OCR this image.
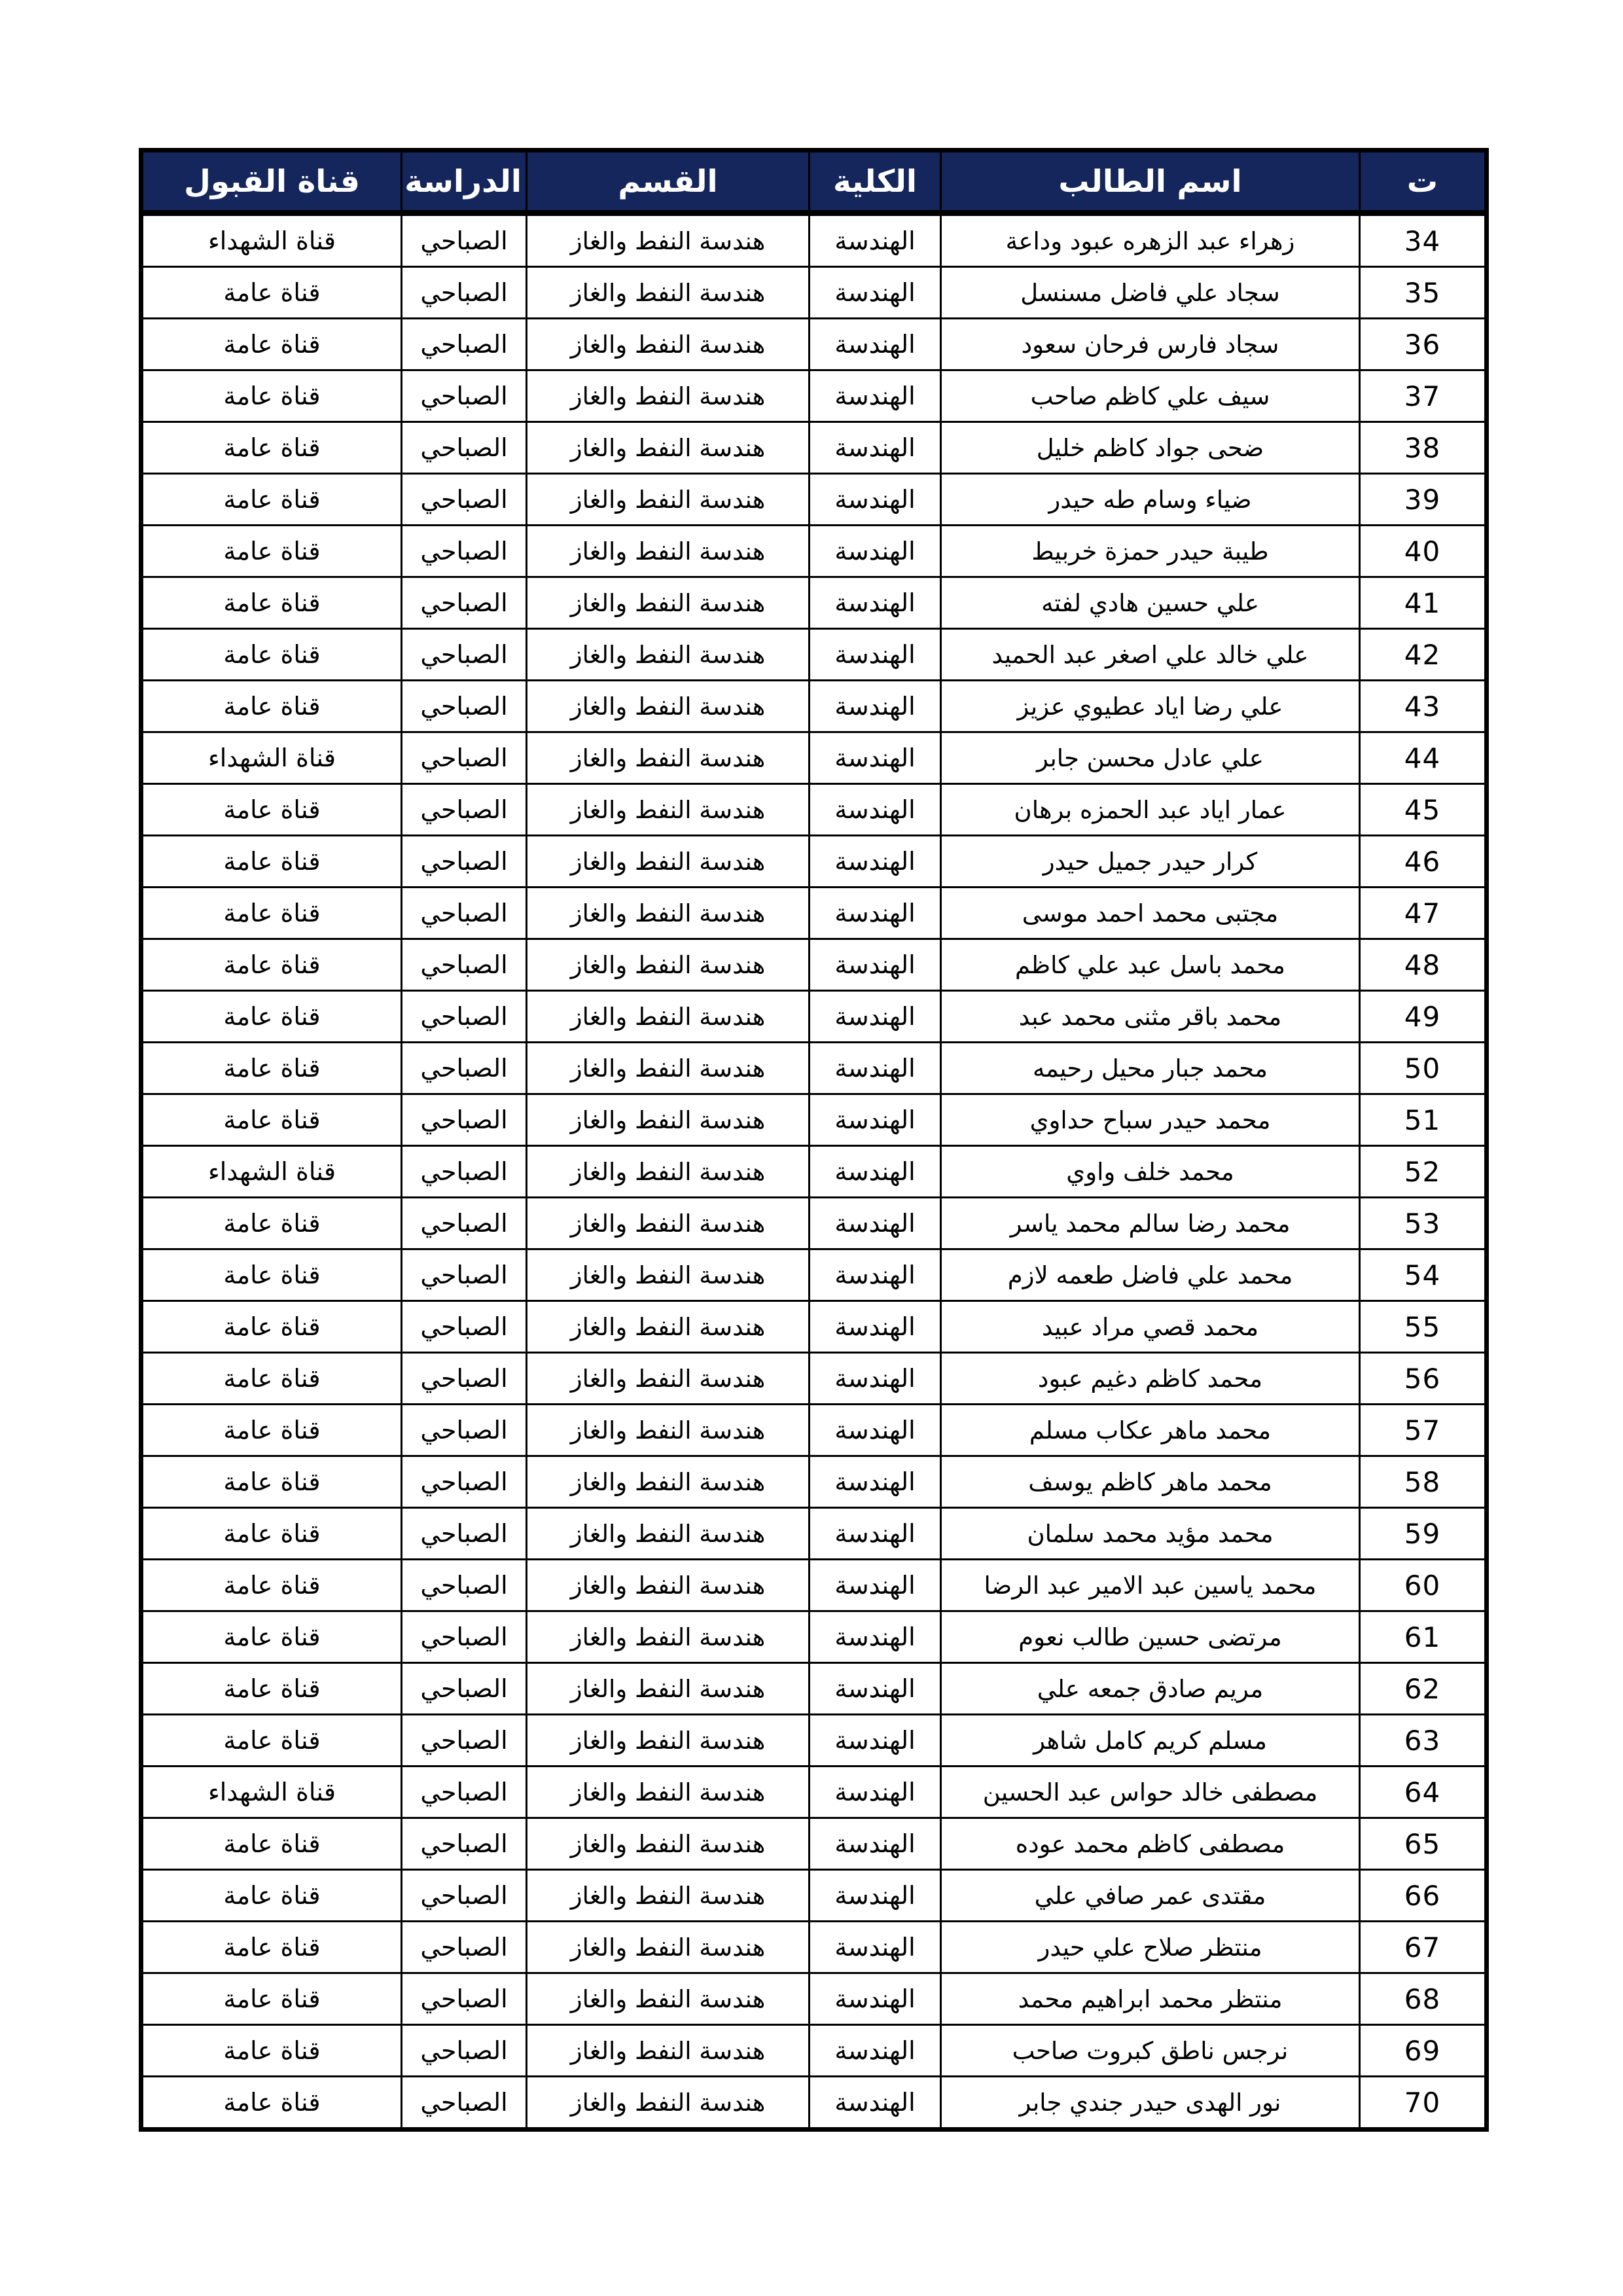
ت	اسم الطالب	الكلية	القسم	الدراسة	قناة القبول
34	زهراء عبد الزهره عبود وداعة	الهندسة	هندسة النفط والغاز	الصباحي	قناة الشهداء
35	سجاد علي فاضل مسنسل	الهندسة	هندسة النفط والغاز	الصباحي	قناة عامة
36	سجاد فارس فرحان سعود	الهندسة	هندسة النفط والغاز	الصباحي	قناة عامة
37	سيف علي كاظم صاحب	الهندسة	هندسة النفط والغاز	الصباحي	قناة عامة
38	ضحى جواد كاظم خليل	الهندسة	هندسة النفط والغاز	الصباحي	قناة عامة
39	ضياء وسام طه حيدر	الهندسة	هندسة النفط والغاز	الصباحي	قناة عامة
40	طيبة حيدر حمزة خربيط	الهندسة	هندسة النفط والغاز	الصباحي	قناة عامة
41	علي حسين هادي لفته	الهندسة	هندسة النفط والغاز	الصباحي	قناة عامة
42	علي خالد علي اصغر عبد الحميد	الهندسة	هندسة النفط والغاز	الصباحي	قناة عامة
43	علي رضا اياد عطيوي عزيز	الهندسة	هندسة النفط والغاز	الصباحي	قناة عامة
44	علي عادل محسن جابر	الهندسة	هندسة النفط والغاز	الصباحي	قناة الشهداء
45	عمار اياد عبد الحمزه برهان	الهندسة	هندسة النفط والغاز	الصباحي	قناة عامة
46	كرار حيدر جميل حيدر	الهندسة	هندسة النفط والغاز	الصباحي	قناة عامة
47	مجتبى محمد احمد موسى	الهندسة	هندسة النفط والغاز	الصباحي	قناة عامة
48	محمد باسل عبد علي كاظم	الهندسة	هندسة النفط والغاز	الصباحي	قناة عامة
49	محمد باقر مثنى محمد عبد	الهندسة	هندسة النفط والغاز	الصباحي	قناة عامة
50	محمد جبار محيل رحيمه	الهندسة	هندسة النفط والغاز	الصباحي	قناة عامة
51	محمد حيدر سباح حداوي	الهندسة	هندسة النفط والغاز	الصباحي	قناة عامة
52	محمد خلف واوي	الهندسة	هندسة النفط والغاز	الصباحي	قناة الشهداء
53	محمد رضا سالم محمد ياسر	الهندسة	هندسة النفط والغاز	الصباحي	قناة عامة
54	محمد علي فاضل طعمه لازم	الهندسة	هندسة النفط والغاز	الصباحي	قناة عامة
55	محمد قصي مراد عبيد	الهندسة	هندسة النفط والغاز	الصباحي	قناة عامة
56	محمد كاظم دغيم عبود	الهندسة	هندسة النفط والغاز	الصباحي	قناة عامة
57	محمد ماهر عكاب مسلم	الهندسة	هندسة النفط والغاز	الصباحي	قناة عامة
58	محمد ماهر كاظم يوسف	الهندسة	هندسة النفط والغاز	الصباحي	قناة عامة
59	محمد مؤيد محمد سلمان	الهندسة	هندسة النفط والغاز	الصباحي	قناة عامة
60	محمد ياسين عبد الامير عبد الرضا	الهندسة	هندسة النفط والغاز	الصباحي	قناة عامة
61	مرتضى حسين طالب نعوم	الهندسة	هندسة النفط والغاز	الصباحي	قناة عامة
62	مريم صادق جمعه علي	الهندسة	هندسة النفط والغاز	الصباحي	قناة عامة
63	مسلم كريم كامل شاهر	الهندسة	هندسة النفط والغاز	الصباحي	قناة عامة
64	مصطفى خالد حواس عبد الحسين	الهندسة	هندسة النفط والغاز	الصباحي	قناة الشهداء
65	مصطفى كاظم محمد عوده	الهندسة	هندسة النفط والغاز	الصباحي	قناة عامة
66	مقتدى عمر صافي علي	الهندسة	هندسة النفط والغاز	الصباحي	قناة عامة
67	منتظر صلاح علي حيدر	الهندسة	هندسة النفط والغاز	الصباحي	قناة عامة
68	منتظر محمد ابراهيم محمد	الهندسة	هندسة النفط والغاز	الصباحي	قناة عامة
69	نرجس ناطق كبروت صاحب	الهندسة	هندسة النفط والغاز	الصباحي	قناة عامة
70	نور الهدى حيدر جندي جابر	الهندسة	هندسة النفط والغاز	الصباحي	قناة عامة
